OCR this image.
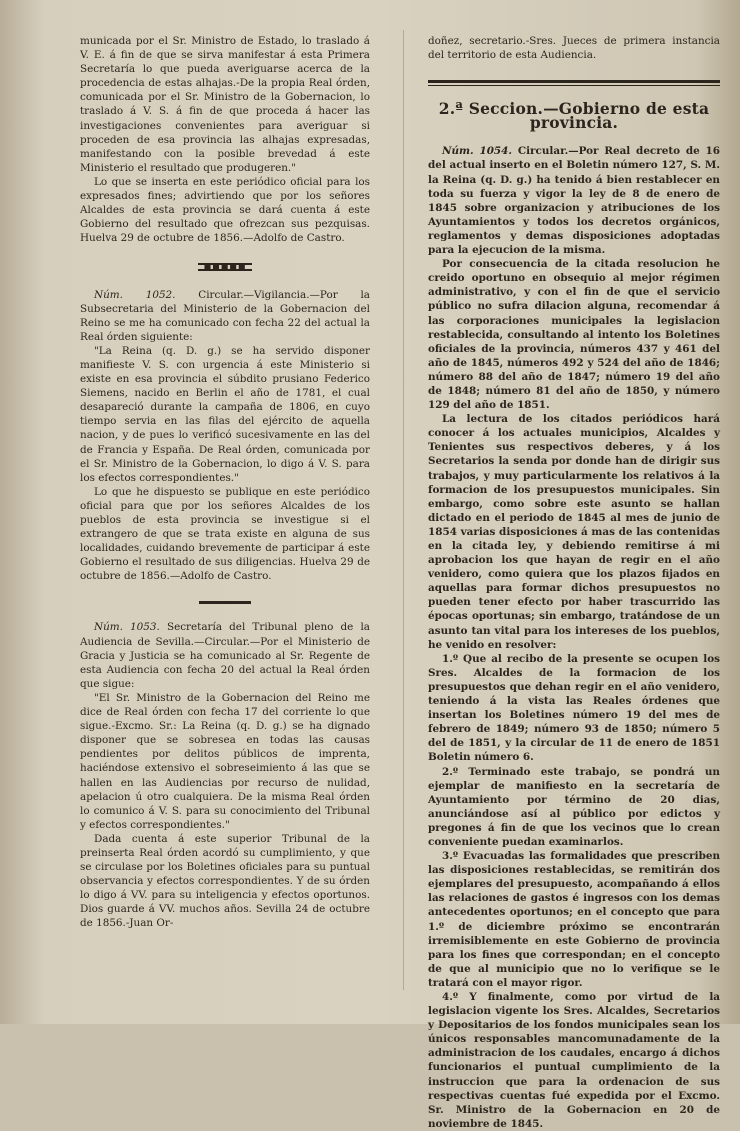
municada por el Sr. Ministro de Estado, lo traslado á V. E. á fin de que se sirva manifestar á esta Primera Secretaría lo que pueda averiguarse acerca de la procedencia de estas alhajas.-De la propia Real órden, comunicada por el Sr. Ministro de la Gobernacion, lo traslado á V. S. á fin de que proceda á hacer las investigaciones convenientes para averiguar si proceden de esa provincia las alhajas expresadas, manifestando con la posible brevedad á este Ministerio el resultado que produgeren."

Lo que se inserta en este periódico oficial para los expresados fines; advirtiendo que por los señores Alcaldes de esta provincia se dará cuenta á este Gobierno del resultado que ofrezcan sus pezquisas. Huelva 29 de octubre de 1856.—Adolfo de Castro.

■■■■■

Núm. 1052. Circular.—Vigilancia.—Por la Subsecretaria del Ministerio de la Gobernacion del Reino se me ha comunicado con fecha 22 del actual la Real órden siguiente:

"La Reina (q. D. g.) se ha servido disponer manifieste V. S. con urgencia á este Ministerio si existe en esa provincia el súbdito prusiano Federico Siemens, nacido en Berlin el año de 1781, el cual desapareció durante la campaña de 1806, en cuyo tiempo servia en las filas del ejército de aquella nacion, y de pues lo verificó sucesivamente en las del de Francia y España. De Real órden, comunicada por el Sr. Ministro de la Gobernacion, lo digo á V. S. para los efectos correspondientes."

Lo que he dispuesto se publique en este periódico oficial para que por los señores Alcaldes de los pueblos de esta provincia se investigue si el extrangero de que se trata existe en alguna de sus localidades, cuidando brevemente de participar á este Gobierno el resultado de sus diligencias. Huelva 29 de octubre de 1856.—Adolfo de Castro.

Núm. 1053. Secretaría del Tribunal pleno de la Audiencia de Sevilla.—Circular.—Por el Ministerio de Gracia y Justicia se ha comunicado al Sr. Regente de esta Audiencia con fecha 20 del actual la Real órden que sigue:

"El Sr. Ministro de la Gobernacion del Reino me dice de Real órden con fecha 17 del corriente lo que sigue.-Excmo. Sr.: La Reina (q. D. g.) se ha dignado disponer que se sobresea en todas las causas pendientes por delitos públicos de imprenta, haciéndose extensivo el sobreseimiento á las que se hallen en las Audiencias por recurso de nulidad, apelacion ú otro cualquiera. De la misma Real órden lo comunico á V. S. para su conocimiento del Tribunal y efectos correspondientes."

Dada cuenta á este superior Tribunal de la preinserta Real órden acordó su cumplimiento, y que se circulase por los Boletines oficiales para su puntual observancia y efectos correspondientes. Y de su órden lo digo á VV. para su inteligencia y efectos oportunos. Dios guarde á VV. muchos años. Sevilla 24 de octubre de 1856.-Juan Or-

doñez, secretario.-Sres. Jueces de primera instancia del territorio de esta Audiencia.

2.ª Seccion.—Gobierno de esta provincia.

Núm. 1054. Circular.—Por Real decreto de 16 del actual inserto en el Boletin número 127, S. M. la Reina (q. D. g.) ha tenido á bien restablecer en toda su fuerza y vigor la ley de 8 de enero de 1845 sobre organizacion y atribuciones de los Ayuntamientos y todos los decretos orgánicos, reglamentos y demas disposiciones adoptadas para la ejecucion de la misma.

Por consecuencia de la citada resolucion he creido oportuno en obsequio al mejor régimen administrativo, y con el fin de que el servicio público no sufra dilacion alguna, recomendar á las corporaciones municipales la legislacion restablecida, consultando al intento los Boletines oficiales de la provincia, números 437 y 461 del año de 1845, números 492 y 524 del año de 1846; número 88 del año de 1847; número 19 del año de 1848; número 81 del año de 1850, y número 129 del año de 1851.

La lectura de los citados periódicos hará conocer á los actuales municipios, Alcaldes y Tenientes sus respectivos deberes, y á los Secretarios la senda por donde han de dirigir sus trabajos, y muy particularmente los relativos á la formacion de los presupuestos municipales. Sin embargo, como sobre este asunto se hallan dictado en el periodo de 1845 al mes de junio de 1854 varias disposiciones á mas de las contenidas en la citada ley, y debiendo remitirse á mi aprobacion los que hayan de regir en el año venidero, como quiera que los plazos fijados en aquellas para formar dichos presupuestos no pueden tener efecto por haber trascurrido las épocas oportunas; sin embargo, tratándose de un asunto tan vital para los intereses de los pueblos, he venido en resolver:

1.º Que al recibo de la presente se ocupen los Sres. Alcaldes de la formacion de los presupuestos que dehan regir en el año venidero, teniendo á la vista las Reales órdenes que insertan los Boletines número 19 del mes de febrero de 1849; número 93 de 1850; número 5 del de 1851, y la circular de 11 de enero de 1851 Boletin número 6.

2.º Terminado este trabajo, se pondrá un ejemplar de manifiesto en la secretaría de Ayuntamiento por término de 20 dias, anunciándose así al público por edictos y pregones á fin de que los vecinos que lo crean conveniente puedan examinarlos.

3.º Evacuadas las formalidades que prescriben las disposiciones restablecidas, se remitirán dos ejemplares del presupuesto, acompañando á ellos las relaciones de gastos é ingresos con los demas antecedentes oportunos; en el concepto que para 1.º de diciembre próximo se encontrarán irremisiblemente en este Gobierno de provincia para los fines que correspondan; en el concepto de que al municipio que no lo verifique se le tratará con el mayor rigor.

4.º Y finalmente, como por virtud de la legislacion vigente los Sres. Alcaldes, Secretarios y Depositarios de los fondos municipales sean los únicos responsables mancomunadamente de la administracion de los caudales, encargo á dichos funcionarios el puntual cumplimiento de la instruccion que para la ordenacion de sus respectivas cuentas fué expedida por el Excmo. Sr. Ministro de la Gobernacion en 20 de noviembre de 1845.
